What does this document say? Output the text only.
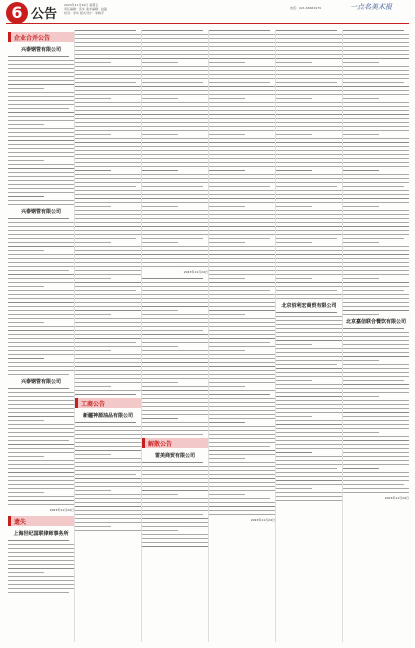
6 公告
2023年11月24日 星期五
责任编辑：张华 美术编辑：赵磊
校对：李华 版式设计：李晓平
电话：021-66661979	一点名美术报
企业合并公告
兴泰钢管有限公司
兴泰钢管有限公司
兴泰钢管有限公司
2023年11月24日
遗失
上海世纪国联律师事务所
工商公告
新疆神源油品有限公司
2023年11月24日
解散公告
雷美商贸有限公司
2023年11月24日
北京佰利宏商贸有限公司
北京嘉信联合餐饮有限公司
2023年11月24日
